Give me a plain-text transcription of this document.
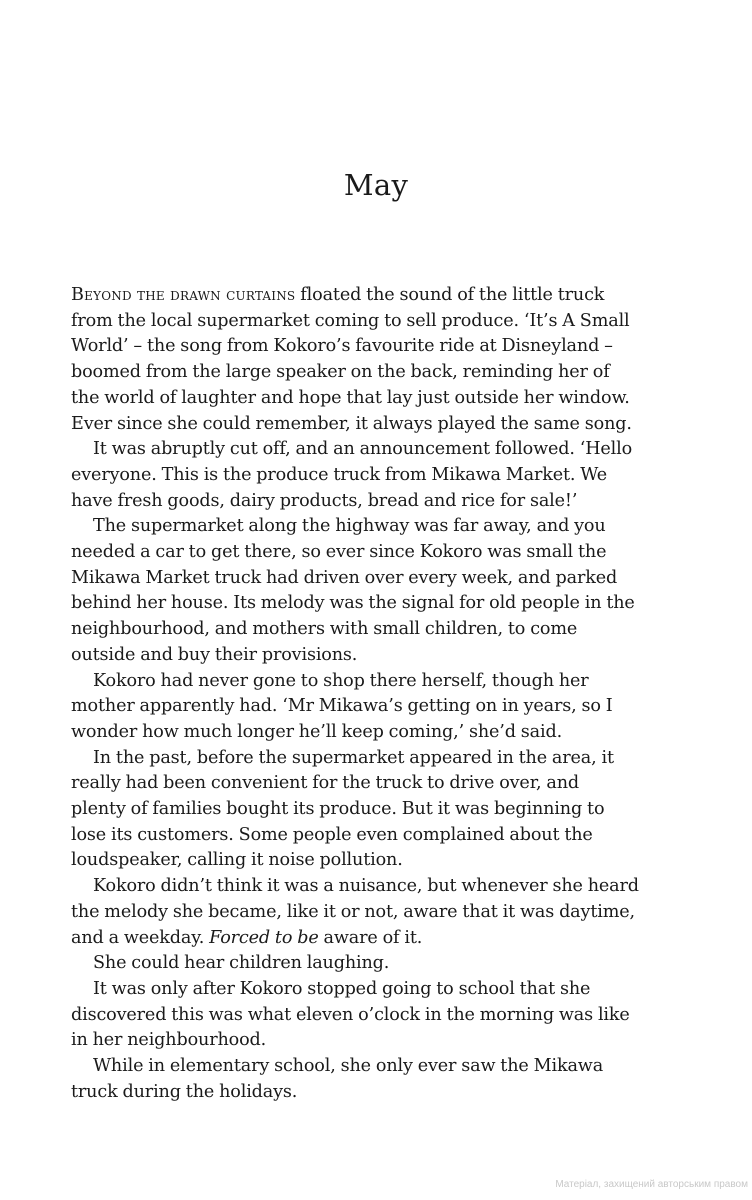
May

Beyond the drawn curtains floated the sound of the little truck
from the local supermarket coming to sell produce. ‘It’s A Small
World’ – the song from Kokoro’s favourite ride at Disneyland –
boomed from the large speaker on the back, reminding her of
the world of laughter and hope that lay just outside her window.
Ever since she could remember, it always played the same song.

It was abruptly cut off, and an announcement followed. ‘Hello
everyone. This is the produce truck from Mikawa Market. We
have fresh goods, dairy products, bread and rice for sale!’

The supermarket along the highway was far away, and you
needed a car to get there, so ever since Kokoro was small the
Mikawa Market truck had driven over every week, and parked
behind her house. Its melody was the signal for old people in the
neighbourhood, and mothers with small children, to come
outside and buy their provisions.

Kokoro had never gone to shop there herself, though her
mother apparently had. ‘Mr Mikawa’s getting on in years, so I
wonder how much longer he’ll keep coming,’ she’d said.

In the past, before the supermarket appeared in the area, it
really had been convenient for the truck to drive over, and
plenty of families bought its produce. But it was beginning to
lose its customers. Some people even complained about the
loudspeaker, calling it noise pollution.

Kokoro didn’t think it was a nuisance, but whenever she heard
the melody she became, like it or not, aware that it was daytime,
and a weekday. Forced to be aware of it.

She could hear children laughing.

It was only after Kokoro stopped going to school that she
discovered this was what eleven o’clock in the morning was like
in her neighbourhood.

While in elementary school, she only ever saw the Mikawa
truck during the holidays.

Матеріал, захищений авторським правом
